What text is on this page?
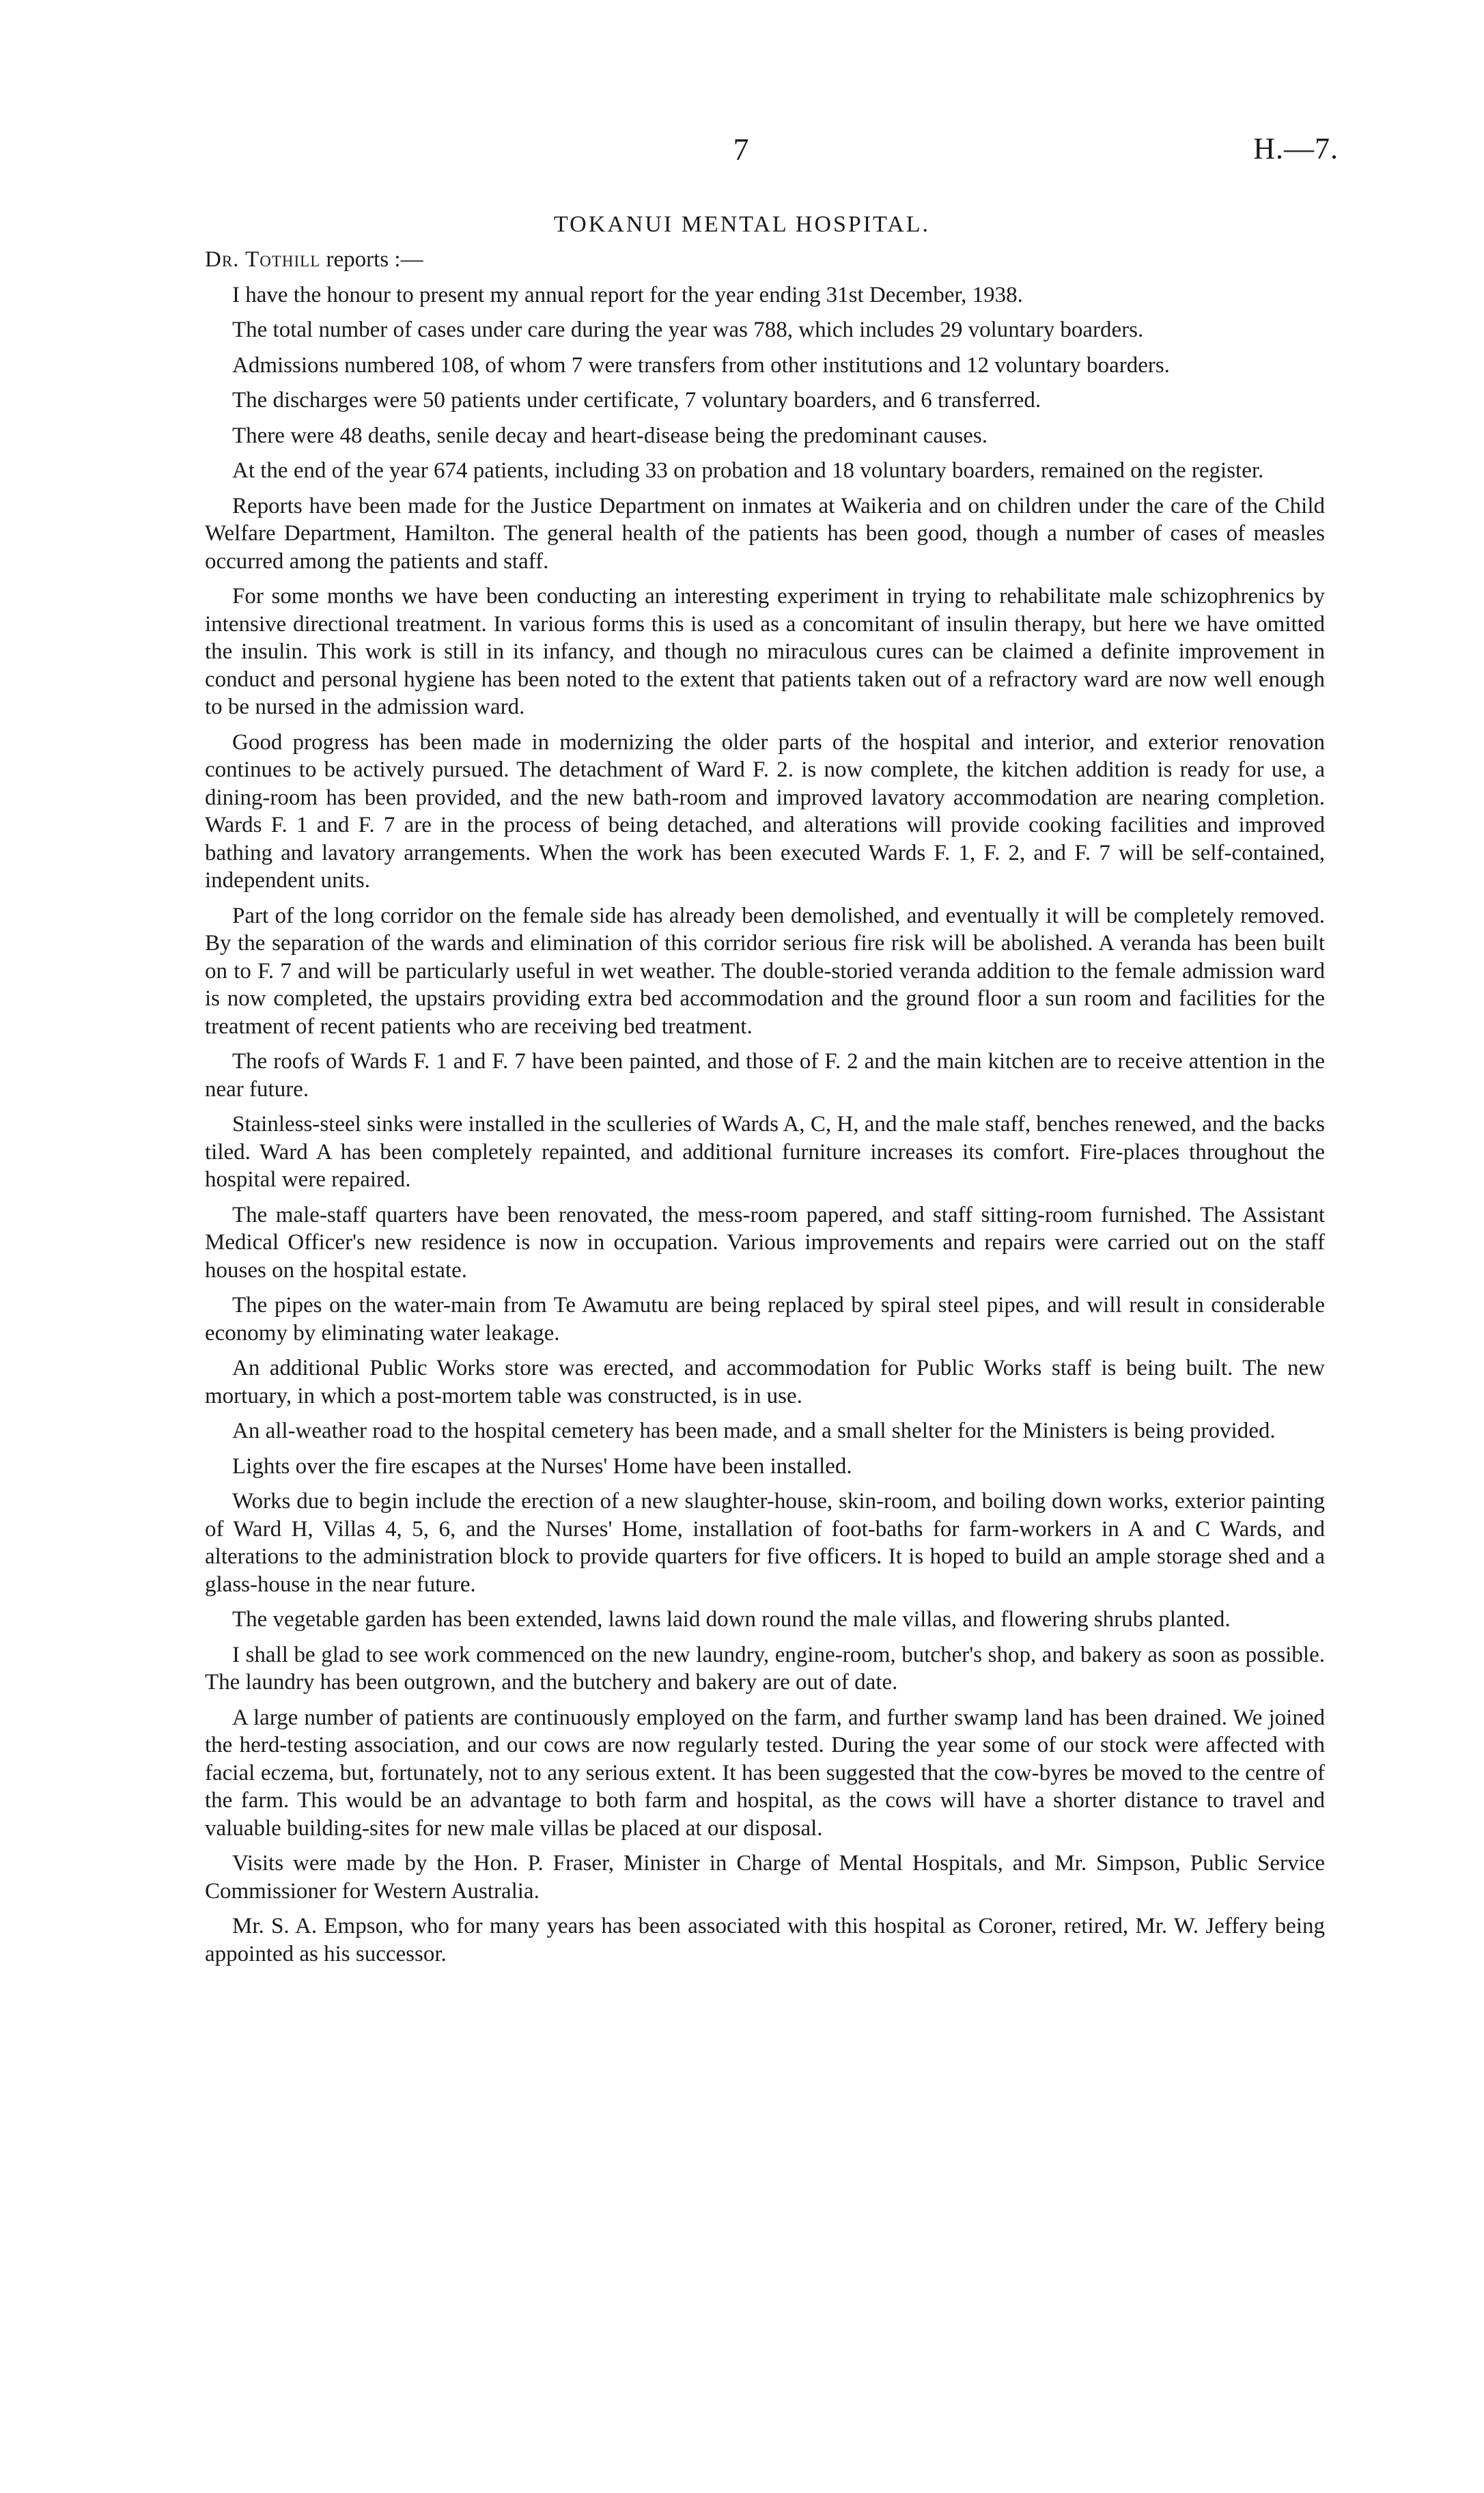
7	H.—7.
TOKANUI MENTAL HOSPITAL.

Dr. Tothill reports :—

I have the honour to present my annual report for the year ending 31st December, 1938.

The total number of cases under care during the year was 788, which includes 29 voluntary boarders.

Admissions numbered 108, of whom 7 were transfers from other institutions and 12 voluntary boarders.

The discharges were 50 patients under certificate, 7 voluntary boarders, and 6 transferred.

There were 48 deaths, senile decay and heart-disease being the predominant causes.

At the end of the year 674 patients, including 33 on probation and 18 voluntary boarders, remained on the register.

Reports have been made for the Justice Department on inmates at Waikeria and on children under the care of the Child Welfare Department, Hamilton. The general health of the patients has been good, though a number of cases of measles occurred among the patients and staff.

For some months we have been conducting an interesting experiment in trying to rehabilitate male schizophrenics by intensive directional treatment. In various forms this is used as a concomitant of insulin therapy, but here we have omitted the insulin. This work is still in its infancy, and though no miraculous cures can be claimed a definite improvement in conduct and personal hygiene has been noted to the extent that patients taken out of a refractory ward are now well enough to be nursed in the admission ward.

Good progress has been made in modernizing the older parts of the hospital and interior, and exterior renovation continues to be actively pursued. The detachment of Ward F. 2. is now complete, the kitchen addition is ready for use, a dining-room has been provided, and the new bath-room and improved lavatory accommodation are nearing completion. Wards F. 1 and F. 7 are in the process of being detached, and alterations will provide cooking facilities and improved bathing and lavatory arrangements. When the work has been executed Wards F. 1, F. 2, and F. 7 will be self-contained, independent units.

Part of the long corridor on the female side has already been demolished, and eventually it will be completely removed. By the separation of the wards and elimination of this corridor serious fire risk will be abolished. A veranda has been built on to F. 7 and will be particularly useful in wet weather. The double-storied veranda addition to the female admission ward is now completed, the upstairs providing extra bed accommodation and the ground floor a sun room and facilities for the treatment of recent patients who are receiving bed treatment.

The roofs of Wards F. 1 and F. 7 have been painted, and those of F. 2 and the main kitchen are to receive attention in the near future.

Stainless-steel sinks were installed in the sculleries of Wards A, C, H, and the male staff, benches renewed, and the backs tiled. Ward A has been completely repainted, and additional furniture increases its comfort. Fire-places throughout the hospital were repaired.

The male-staff quarters have been renovated, the mess-room papered, and staff sitting-room furnished. The Assistant Medical Officer's new residence is now in occupation. Various improvements and repairs were carried out on the staff houses on the hospital estate.

The pipes on the water-main from Te Awamutu are being replaced by spiral steel pipes, and will result in considerable economy by eliminating water leakage.

An additional Public Works store was erected, and accommodation for Public Works staff is being built. The new mortuary, in which a post-mortem table was constructed, is in use.

An all-weather road to the hospital cemetery has been made, and a small shelter for the Ministers is being provided.

Lights over the fire escapes at the Nurses' Home have been installed.

Works due to begin include the erection of a new slaughter-house, skin-room, and boiling down works, exterior painting of Ward H, Villas 4, 5, 6, and the Nurses' Home, installation of foot-baths for farm-workers in A and C Wards, and alterations to the administration block to provide quarters for five officers. It is hoped to build an ample storage shed and a glass-house in the near future.

The vegetable garden has been extended, lawns laid down round the male villas, and flowering shrubs planted.

I shall be glad to see work commenced on the new laundry, engine-room, butcher's shop, and bakery as soon as possible. The laundry has been outgrown, and the butchery and bakery are out of date.

A large number of patients are continuously employed on the farm, and further swamp land has been drained. We joined the herd-testing association, and our cows are now regularly tested. During the year some of our stock were affected with facial eczema, but, fortunately, not to any serious extent. It has been suggested that the cow-byres be moved to the centre of the farm. This would be an advantage to both farm and hospital, as the cows will have a shorter distance to travel and valuable building-sites for new male villas be placed at our disposal.

Visits were made by the Hon. P. Fraser, Minister in Charge of Mental Hospitals, and Mr. Simpson, Public Service Commissioner for Western Australia.

Mr. S. A. Empson, who for many years has been associated with this hospital as Coroner, retired, Mr. W. Jeffery being appointed as his successor.
